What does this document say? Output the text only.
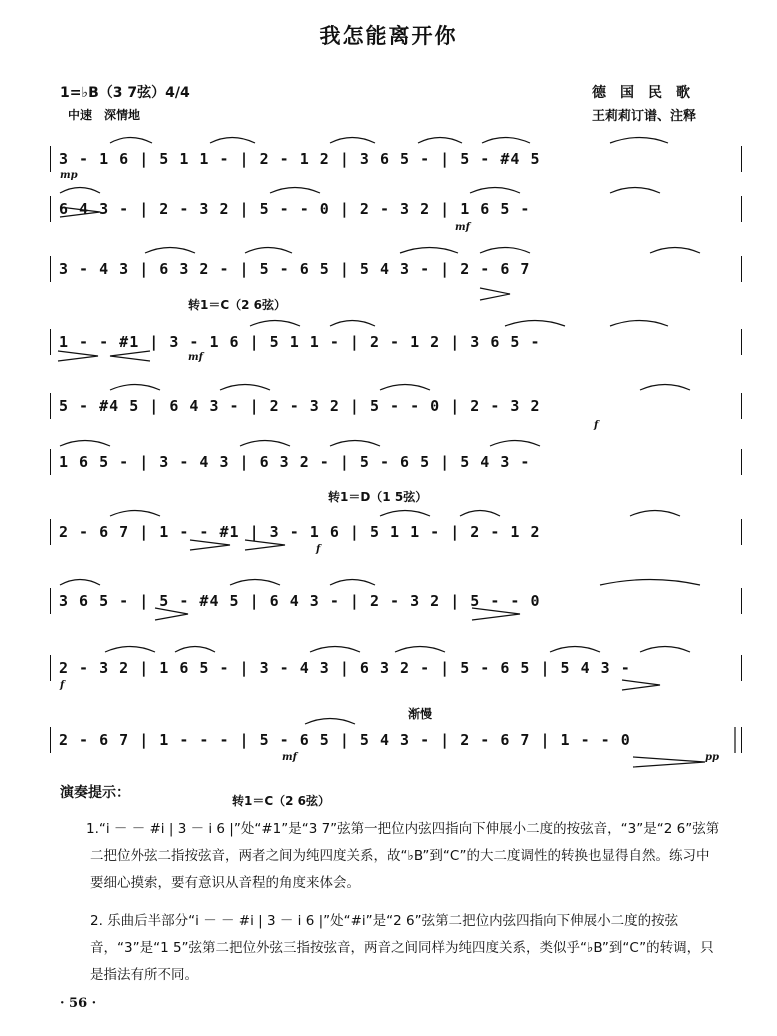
我怎能离开你
1=♭B（3 7弦）4/4
中速　深情地
德国民歌
王莉莉订谱、注释
转1＝C（2 6弦）
转1＝D（1 5弦）
渐慢
pp
3 - 1 6 | 5 1 1 - | 2 - 1 2 | 3 6 5 - | 5 - #4 5
mp
6 4 3 - | 2 - 3 2 | 5 - - 0 | 2 - 3 2 | 1 6 5 -
mf
3 - 4 3 | 6 3 2 - | 5 - 6 5 | 5 4 3 - | 2 - 6 7
1 - - #1 | 3 - 1 6 | 5 1 1 - | 2 - 1 2 | 3 6 5 -
mf
5 - #4 5 | 6 4 3 - | 2 - 3 2 | 5 - - 0 | 2 - 3 2
f
1 6 5 - | 3 - 4 3 | 6 3 2 - | 5 - 6 5 | 5 4 3 -
2 - 6 7 | 1 - - #1 | 3 - 1 6 | 5 1 1 - | 2 - 1 2
f
3 6 5 - | 5 - #4 5 | 6 4 3 - | 2 - 3 2 | 5 - - 0
2 - 3 2 | 1 6 5 - | 3 - 4 3 | 6 3 2 - | 5 - 6 5 | 5 4 3 -
f
2 - 6 7 | 1 - - - | 5 - 6 5 | 5 4 3 - | 2 - 6 7 | 1 - - 0
mf
演奏提示：	转1＝C（2 6弦）
1.“i － － #i | 3 － i 6 |”处“#1”是“3 7”弦第一把位内弦四指向下伸展小二度的按弦音，“3”是“2 6”弦第二把位外弦二指按弦音，两者之间为纯四度关系，故“♭B”到“C”的大二度调性的转换也显得自然。练习中要细心摸索，要有意识从音程的角度来体会。
2. 乐曲后半部分“i － － #i | 3 － i 6 |”处“#i”是“2 6”弦第二把位内弦四指向下伸展小二度的按弦音，“3”是“1 5”弦第二把位外弦三指按弦音，两音之间同样为纯四度关系，类似乎“♭B”到“C”的转调，只是指法有所不同。
· 56 ·
